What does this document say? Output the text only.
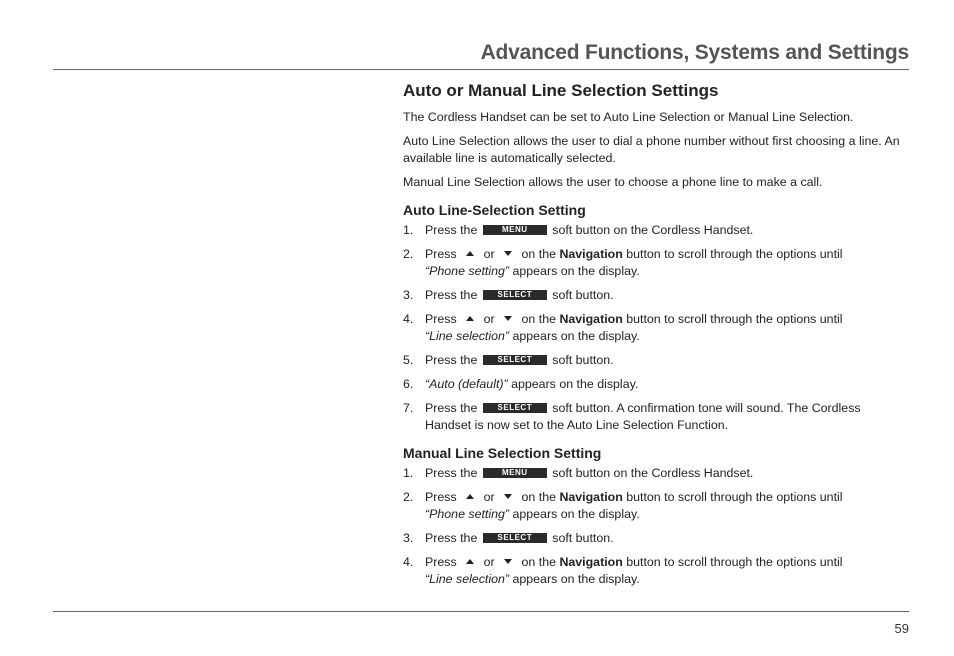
Advanced Functions, Systems and Settings
Auto or Manual Line Selection Settings

The Cordless Handset can be set to Auto Line Selection or Manual Line Selection.

Auto Line Selection allows the user to dial a phone number without first choosing a line. An available line is automatically selected.

Manual Line Selection allows the user to choose a phone line to make a call.

Auto Line-Selection Setting
1. Press the	MENU soft button on the Cordless Handset.
2. Press or on the Navigation button to scroll through the options until
“Phone setting” appears on the display.
3. Press the	SELECT soft button.
4. Press or on the Navigation button to scroll through the options until
“Line selection” appears on the display.
5. Press the	SELECT soft button.
6. “Auto (default)” appears on the display.
7. Press the	SELECT soft button. A confirmation tone will sound. The Cordless Handset is now set to the Auto Line Selection Function.
Manual Line Selection Setting
1. Press the	MENU soft button on the Cordless Handset.
2. Press or on the Navigation button to scroll through the options until
“Phone setting” appears on the display.
3. Press the	SELECT soft button.
4. Press or on the Navigation button to scroll through the options until
“Line selection” appears on the display.
59
